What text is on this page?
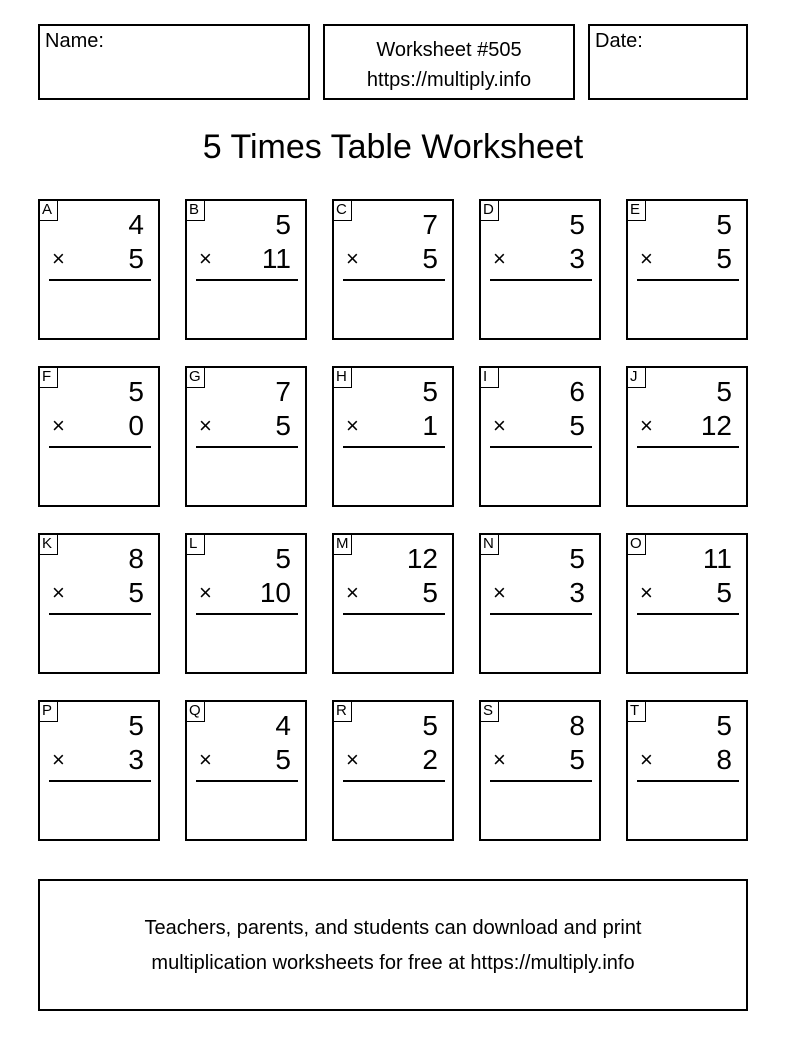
Name:	Worksheet #505
https://multiply.info
Date:
5 Times Table Worksheet
A	4
× 5
B	5
× 11
C	7
× 5
D	5
× 3
E	5
× 5
F	5
× 0
G	7
× 5
H	5
× 1
I	6
× 5
J	5
× 12
K	8
× 5
L	5
× 10
M 12
× 5
N	5
× 3
O 11
× 5
P	5
× 3
Q	4
× 5
R	5
× 2
S	8
× 5
T	5
× 8
Teachers, parents, and students can download and print
multiplication worksheets for free at https://multiply.info
